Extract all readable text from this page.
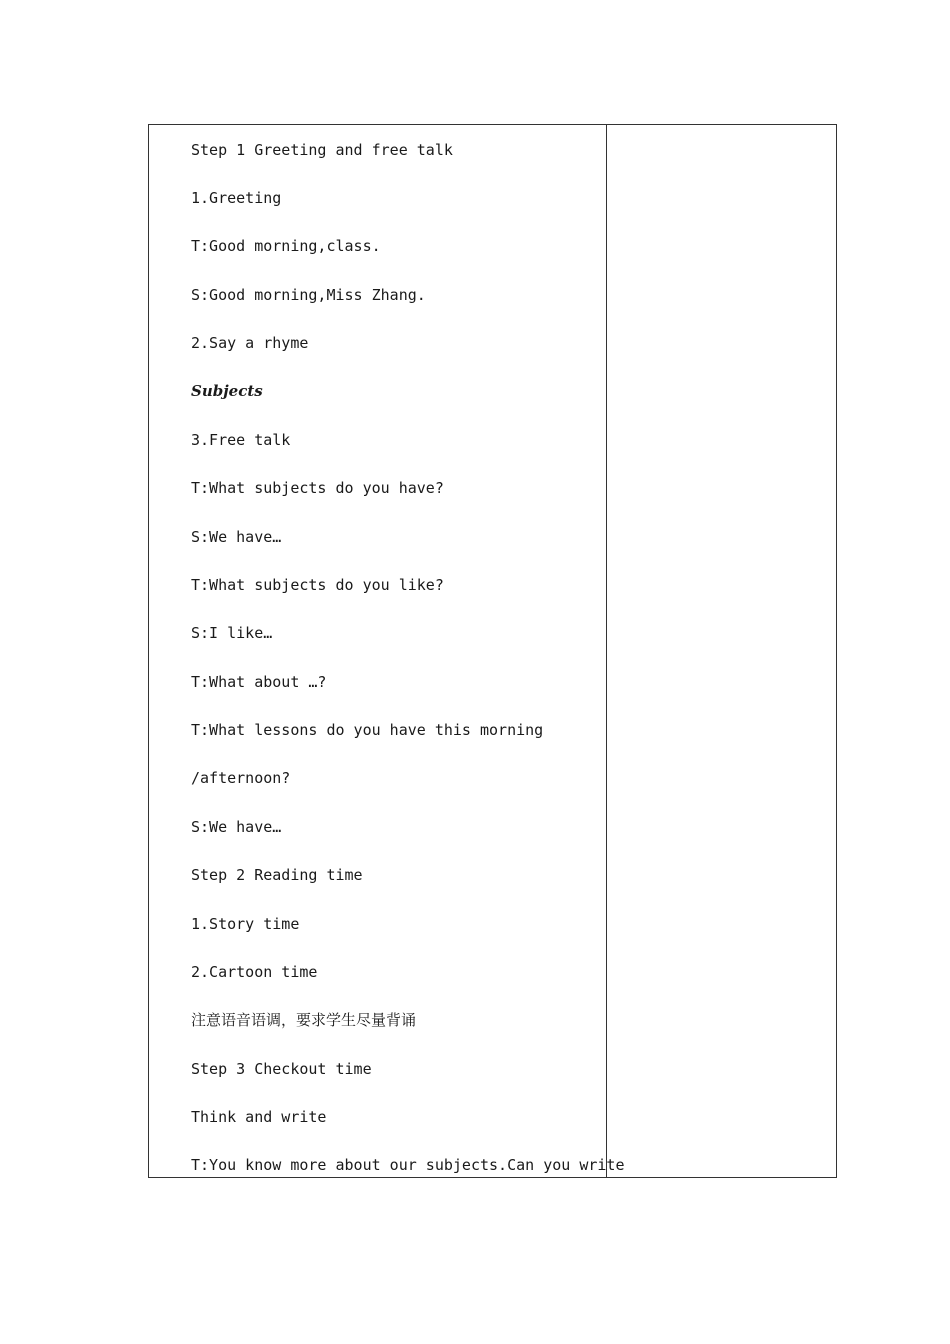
Step 1 Greeting and free talk
1.Greeting
T:Good morning,class.
S:Good morning,Miss Zhang.
2.Say a rhyme
Subjects
3.Free talk
T:What subjects do you have?
S:We have…
T:What subjects do you like?
S:I like…
T:What about …?
T:What lessons do you have this morning
/afternoon?
S:We have…
Step 2 Reading time
1.Story time
2.Cartoon time
注意语音语调，要求学生尽量背诵
Step 3 Checkout time
Think and write
T:You know more about our subjects.Can you write
